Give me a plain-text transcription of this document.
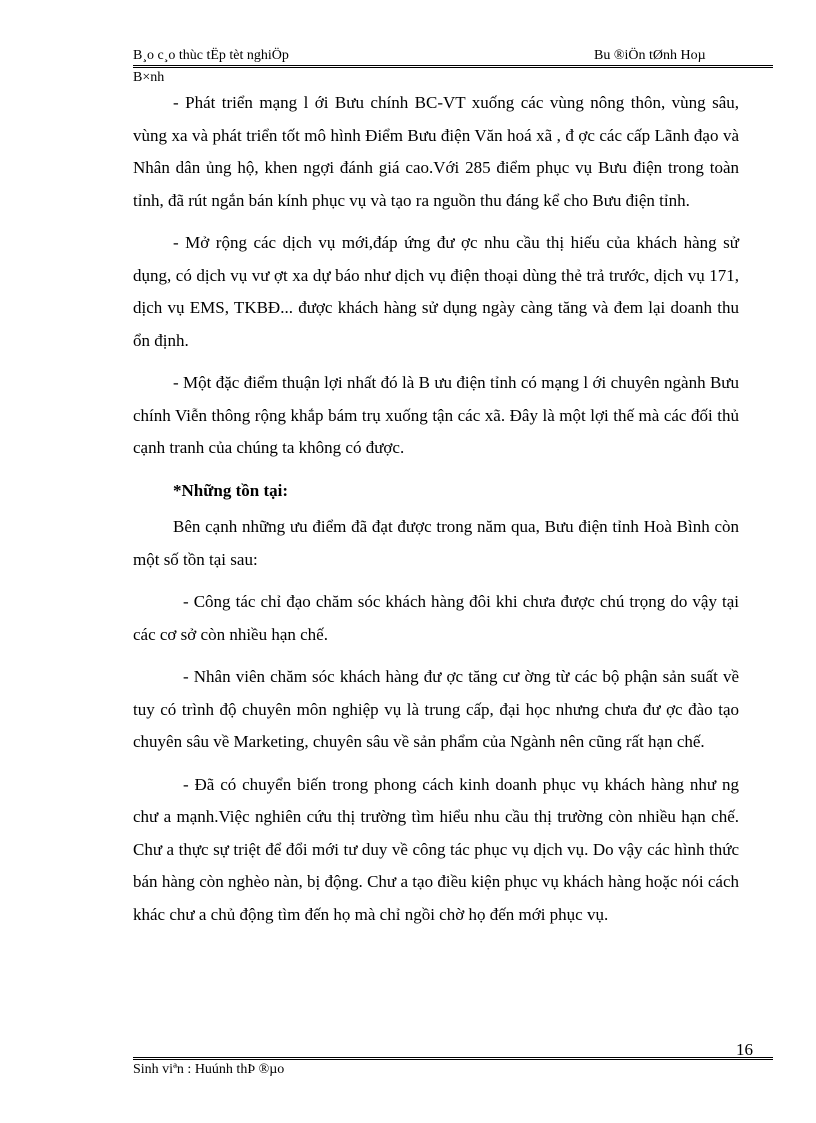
B¸o c¸o thùc tËp tèt nghiÖp	Bu ®iÖn tØnh Hoµ
B×nh

- Phát triển mạng l ới Bưu chính BC-VT xuống các vùng nông thôn, vùng sâu, vùng xa và phát triển tốt mô hình Điểm Bưu điện Văn hoá xã , đ ợc các cấp Lãnh đạo và Nhân dân ủng hộ, khen ngợi đánh giá cao.Với 285 điểm phục vụ Bưu điện trong toàn tỉnh, đã rút ngắn bán kính phục vụ và tạo ra nguồn thu đáng kể cho Bưu điện tỉnh.

- Mở rộng các dịch vụ mới,đáp ứng đư ợc nhu cầu thị hiếu của khách hàng sử dụng, có dịch vụ vư ợt xa dự báo như dịch vụ điện thoại dùng thẻ trả trước, dịch vụ 171, dịch vụ EMS, TKBĐ... được khách hàng sử dụng ngày càng tăng và đem lại doanh thu ổn định.

- Một đặc điểm thuận lợi nhất đó là B ưu điện tỉnh có mạng l ới chuyên ngành Bưu chính Viễn thông rộng khắp bám trụ xuống tận các xã. Đây là một lợi thế mà các đối thủ cạnh tranh của chúng ta không có được.

*Những tồn tại:

Bên cạnh những ưu điểm đã đạt được trong năm qua, Bưu điện tỉnh Hoà Bình còn một số tồn tại sau:

- Công tác chỉ đạo chăm sóc khách hàng đôi khi chưa được chú trọng do vậy tại các cơ sở còn nhiều hạn chế.

- Nhân viên chăm sóc khách hàng đư ợc tăng cư ờng từ các bộ phận sản suất về tuy có trình độ chuyên môn nghiệp vụ là trung cấp, đại học nhưng chưa đư ợc đào tạo chuyên sâu về Marketing, chuyên sâu về sản phẩm của Ngành nên cũng rất hạn chế.

- Đã có chuyển biến trong phong cách kinh doanh phục vụ khách hàng như ng chư a mạnh.Việc nghiên cứu thị trường tìm hiểu nhu cầu thị trường còn nhiều hạn chế. Chư a thực sự triệt để đổi mới tư duy về công tác phục vụ dịch vụ. Do vậy các hình thức bán hàng còn nghèo nàn, bị động. Chư a tạo điều kiện phục vụ khách hàng hoặc nói cách khác chư a chủ động tìm đến họ mà chỉ ngồi chờ họ đến mới phục vụ.

16
Sinh viªn : Huúnh thÞ ®µo
